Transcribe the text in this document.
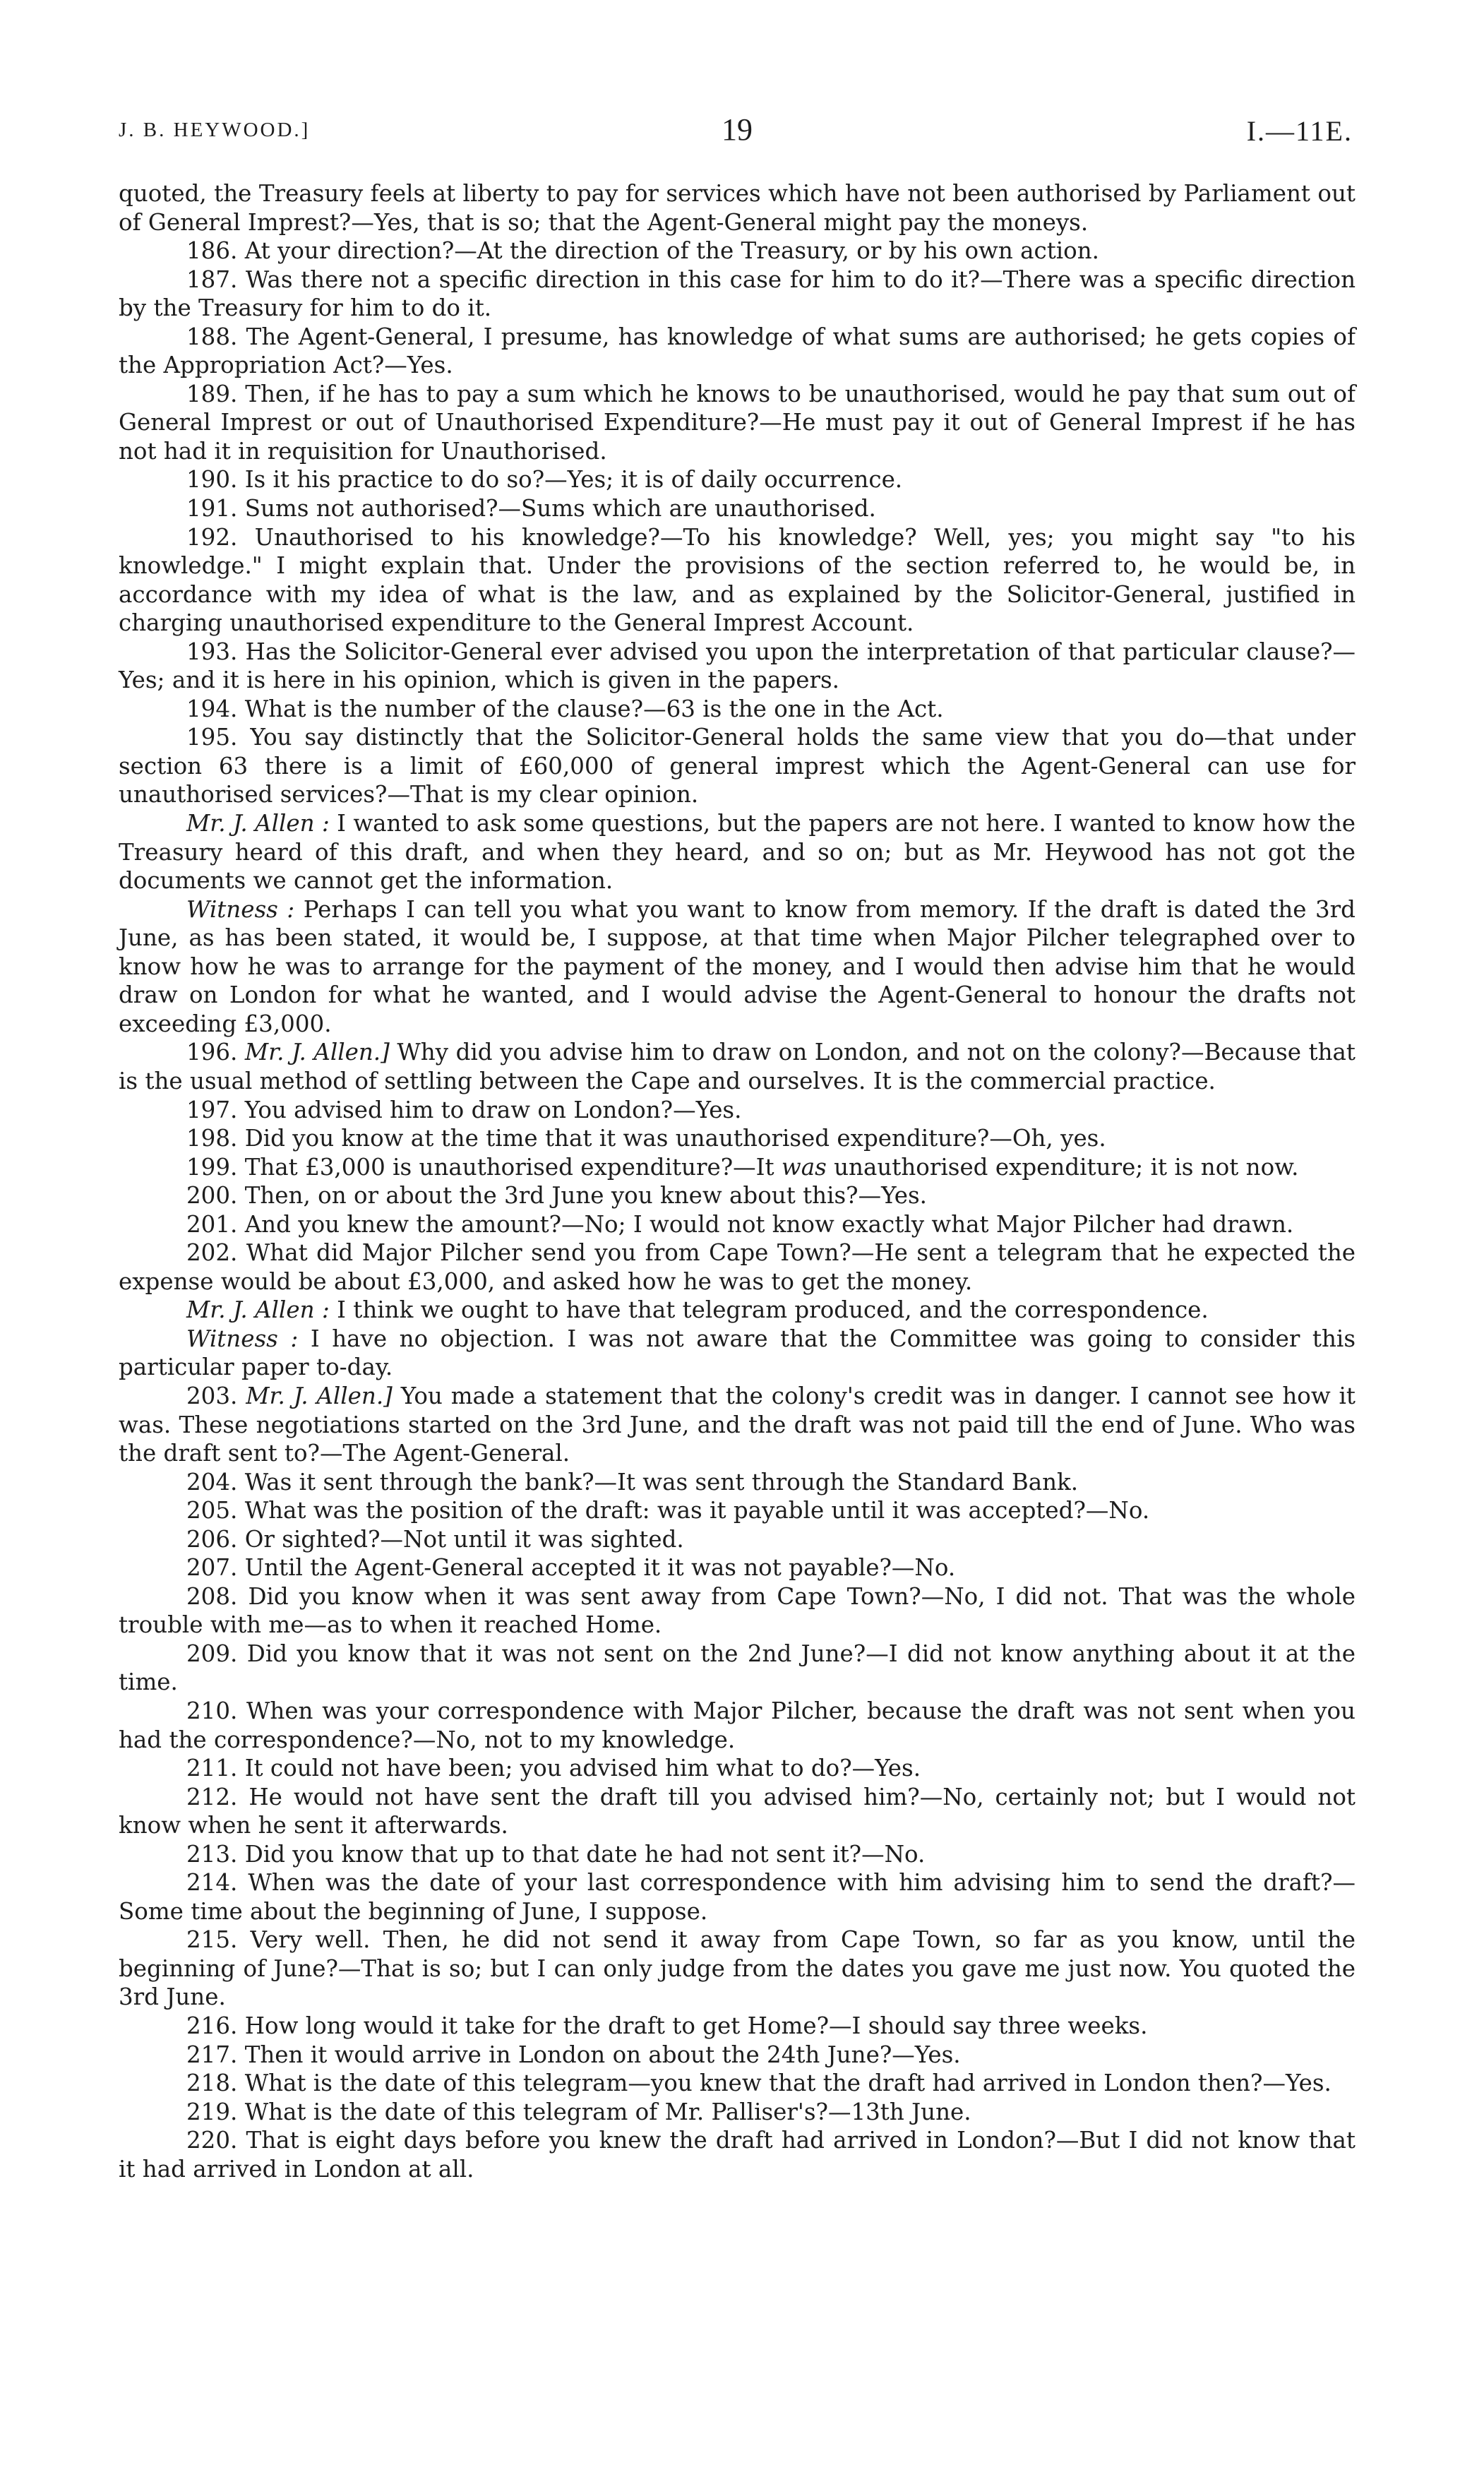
J. B. HEYWOOD.]	19	I.—11E.

quoted, the Treasury feels at liberty to pay for services which have not been authorised by Parliament out of General Imprest?—Yes, that is so; that the Agent-General might pay the moneys.

186. At your direction?—At the direction of the Treasury, or by his own action.

187. Was there not a specific direction in this case for him to do it?—There was a specific direction by the Treasury for him to do it.

188. The Agent-General, I presume, has knowledge of what sums are authorised; he gets copies of the Appropriation Act?—Yes.

189. Then, if he has to pay a sum which he knows to be unauthorised, would he pay that sum out of General Imprest or out of Unauthorised Expenditure?—He must pay it out of General Imprest if he has not had it in requisition for Unauthorised.

190. Is it his practice to do so?—Yes; it is of daily occurrence.

191. Sums not authorised?—Sums which are unauthorised.

192. Unauthorised to his knowledge?—To his knowledge? Well, yes; you might say "to his knowledge." I might explain that. Under the provisions of the section referred to, he would be, in accordance with my idea of what is the law, and as explained by the Solicitor-General, justified in charging unauthorised expenditure to the General Imprest Account.

193. Has the Solicitor-General ever advised you upon the interpretation of that particular clause?—Yes; and it is here in his opinion, which is given in the papers.

194. What is the number of the clause?—63 is the one in the Act.

195. You say distinctly that the Solicitor-General holds the same view that you do—that under section 63 there is a limit of £60,000 of general imprest which the Agent-General can use for unauthorised services?—That is my clear opinion.

Mr. J. Allen : I wanted to ask some questions, but the papers are not here. I wanted to know how the Treasury heard of this draft, and when they heard, and so on; but as Mr. Heywood has not got the documents we cannot get the information.

Witness : Perhaps I can tell you what you want to know from memory. If the draft is dated the 3rd June, as has been stated, it would be, I suppose, at that time when Major Pilcher telegraphed over to know how he was to arrange for the payment of the money, and I would then advise him that he would draw on London for what he wanted, and I would advise the Agent-General to honour the drafts not exceeding £3,000.

196. Mr. J. Allen.] Why did you advise him to draw on London, and not on the colony?—Because that is the usual method of settling between the Cape and ourselves. It is the commercial practice.

197. You advised him to draw on London?—Yes.

198. Did you know at the time that it was unauthorised expenditure?—Oh, yes.

199. That £3,000 is unauthorised expenditure?—It was unauthorised expenditure; it is not now.

200. Then, on or about the 3rd June you knew about this?—Yes.

201. And you knew the amount?—No; I would not know exactly what Major Pilcher had drawn.

202. What did Major Pilcher send you from Cape Town?—He sent a telegram that he expected the expense would be about £3,000, and asked how he was to get the money.

Mr. J. Allen : I think we ought to have that telegram produced, and the correspondence.

Witness : I have no objection. I was not aware that the Committee was going to consider this particular paper to-day.

203. Mr. J. Allen.] You made a statement that the colony's credit was in danger. I cannot see how it was. These negotiations started on the 3rd June, and the draft was not paid till the end of June. Who was the draft sent to?—The Agent-General.

204. Was it sent through the bank?—It was sent through the Standard Bank.

205. What was the position of the draft: was it payable until it was accepted?—No.

206. Or sighted?—Not until it was sighted.

207. Until the Agent-General accepted it it was not payable?—No.

208. Did you know when it was sent away from Cape Town?—No, I did not. That was the whole trouble with me—as to when it reached Home.

209. Did you know that it was not sent on the 2nd June?—I did not know anything about it at the time.

210. When was your correspondence with Major Pilcher, because the draft was not sent when you had the correspondence?—No, not to my knowledge.

211. It could not have been; you advised him what to do?—Yes.

212. He would not have sent the draft till you advised him?—No, certainly not; but I would not know when he sent it afterwards.

213. Did you know that up to that date he had not sent it?—No.

214. When was the date of your last correspondence with him advising him to send the draft?—Some time about the beginning of June, I suppose.

215. Very well. Then, he did not send it away from Cape Town, so far as you know, until the beginning of June?—That is so; but I can only judge from the dates you gave me just now. You quoted the 3rd June.

216. How long would it take for the draft to get Home?—I should say three weeks.

217. Then it would arrive in London on about the 24th June?—Yes.

218. What is the date of this telegram—you knew that the draft had arrived in London then?—Yes.

219. What is the date of this telegram of Mr. Palliser's?—13th June.

220. That is eight days before you knew the draft had arrived in London?—But I did not know that it had arrived in London at all.
